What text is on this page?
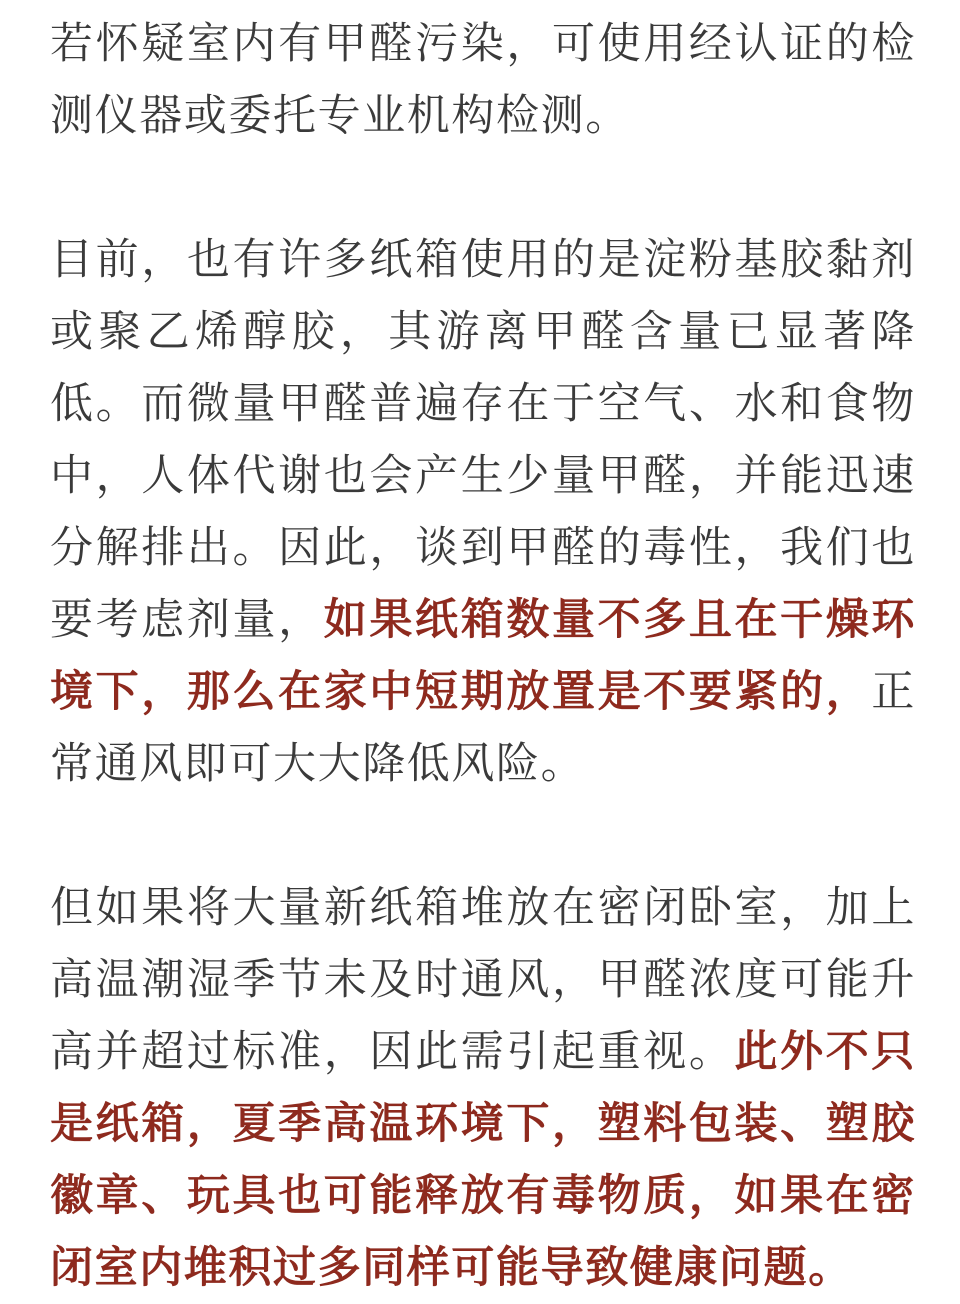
若怀疑室内有甲醛污染，可使用经认证的检测仪器或委托专业机构检测。

目前，也有许多纸箱使用的是淀粉基胶黏剂或聚乙烯醇胶，其游离甲醛含量已显著降低。而微量甲醛普遍存在于空气、水和食物中，人体代谢也会产生少量甲醛，并能迅速分解排出。因此，谈到甲醛的毒性，我们也要考虑剂量，如果纸箱数量不多且在干燥环境下，那么在家中短期放置是不要紧的，正常通风即可大大降低风险。

但如果将大量新纸箱堆放在密闭卧室，加上高温潮湿季节未及时通风，甲醛浓度可能升高并超过标准，因此需引起重视。此外不只是纸箱，夏季高温环境下，塑料包装、塑胶徽章、玩具也可能释放有毒物质，如果在密闭室内堆积过多同样可能导致健康问题。
